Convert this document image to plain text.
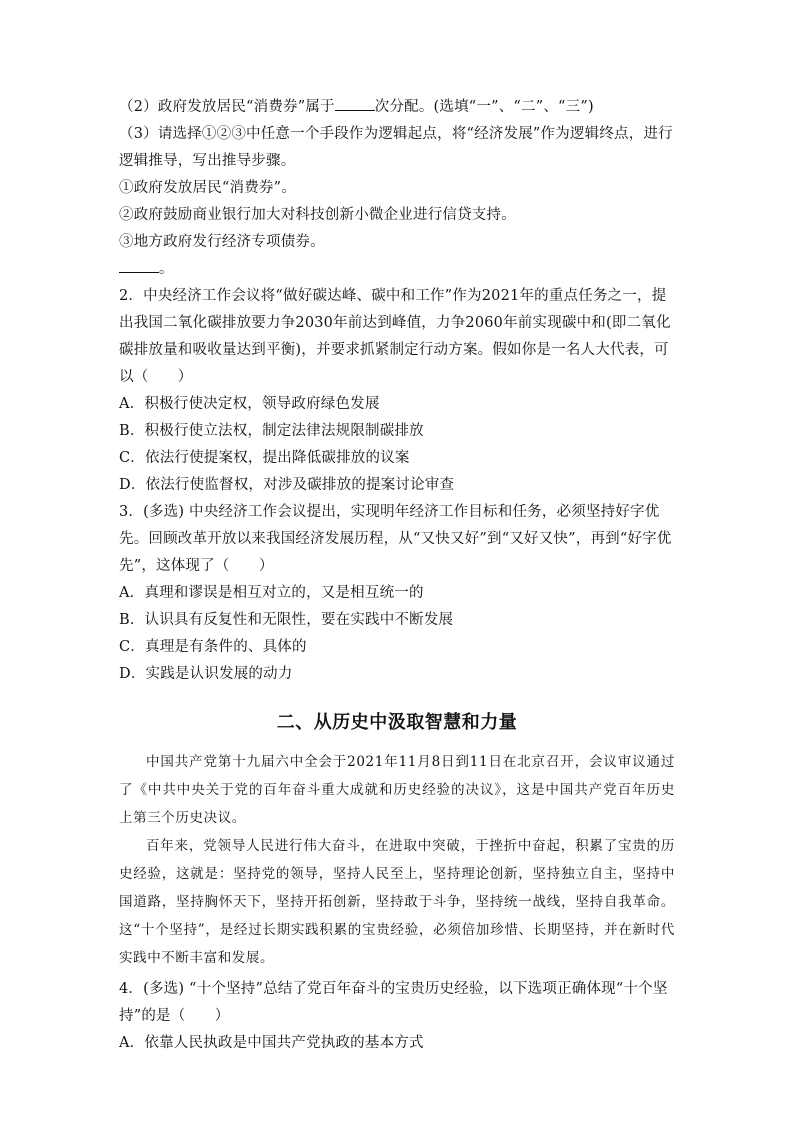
（2）政府发放居民“消费券”属于	次分配。(选填“一”、“二”、“三”)
（3）请选择①②③中任意一个手段作为逻辑起点，将“经济发展”作为逻辑终点，进行逻辑推导，写出推导步骤。
①政府发放居民“消费券”。
②政府鼓励商业银行加大对科技创新小微企业进行信贷支持。
③地方政府发行经济专项债券。
。
2．中央经济工作会议将“做好碳达峰、碳中和工作”作为2021年的重点任务之一，提出我国二氧化碳排放要力争2030年前达到峰值，力争2060年前实现碳中和(即二氧化碳排放量和吸收量达到平衡)，并要求抓紧制定行动方案。假如你是一名人大代表，可以（　　）
A．积极行使决定权，领导政府绿色发展
B．积极行使立法权，制定法律法规限制碳排放
C．依法行使提案权，提出降低碳排放的议案
D．依法行使监督权，对涉及碳排放的提案讨论审查
3．(多选) 中央经济工作会议提出，实现明年经济工作目标和任务，必须坚持好字优先。回顾改革开放以来我国经济发展历程，从“又快又好”到“又好又快”，再到“好字优先”，这体现了（　　）
A．真理和谬误是相互对立的，又是相互统一的
B．认识具有反复性和无限性，要在实践中不断发展
C．真理是有条件的、具体的
D．实践是认识发展的动力
二、从历史中汲取智慧和力量
中国共产党第十九届六中全会于2021年11月8日到11日在北京召开，会议审议通过了《中共中央关于党的百年奋斗重大成就和历史经验的决议》，这是中国共产党百年历史上第三个历史决议。
百年来，党领导人民进行伟大奋斗，在进取中突破，于挫折中奋起，积累了宝贵的历史经验，这就是：坚持党的领导，坚持人民至上，坚持理论创新，坚持独立自主，坚持中国道路，坚持胸怀天下，坚持开拓创新，坚持敢于斗争，坚持统一战线，坚持自我革命。这“十个坚持”，是经过长期实践积累的宝贵经验，必须倍加珍惜、长期坚持，并在新时代实践中不断丰富和发展。
4．(多选) “十个坚持”总结了党百年奋斗的宝贵历史经验，以下选项正确体现“十个坚持”的是（　　）
A．依靠人民执政是中国共产党执政的基本方式
